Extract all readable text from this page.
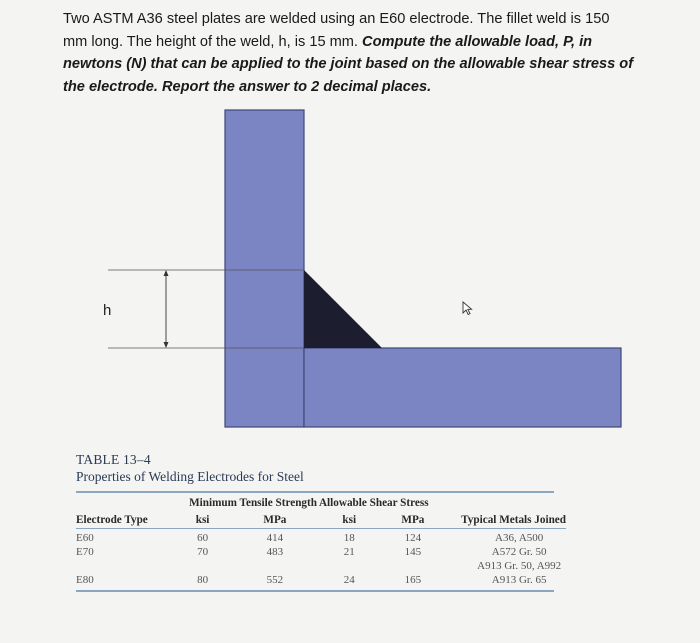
Two ASTM A36 steel plates are welded using an E60 electrode. The fillet weld is 150
mm long. The height of the weld, h, is 15 mm. Compute the allowable load, P, in
newtons (N) that can be applied to the joint based on the allowable shear stress of
the electrode. Report the answer to 2 decimal places.
h
TABLE 13–4
Properties of Welding Electrodes for Steel
	Minimum Tensile Strength		Allowable Shear Stress		
Electrode Type	ksi	MPa	ksi	MPa	Typical Metals Joined
E60	60	414	18	124	A36, A500
E70	70	483	21	145	A572 Gr. 50
					A913 Gr. 50, A992
E80	80	552	24	165	A913 Gr. 65
